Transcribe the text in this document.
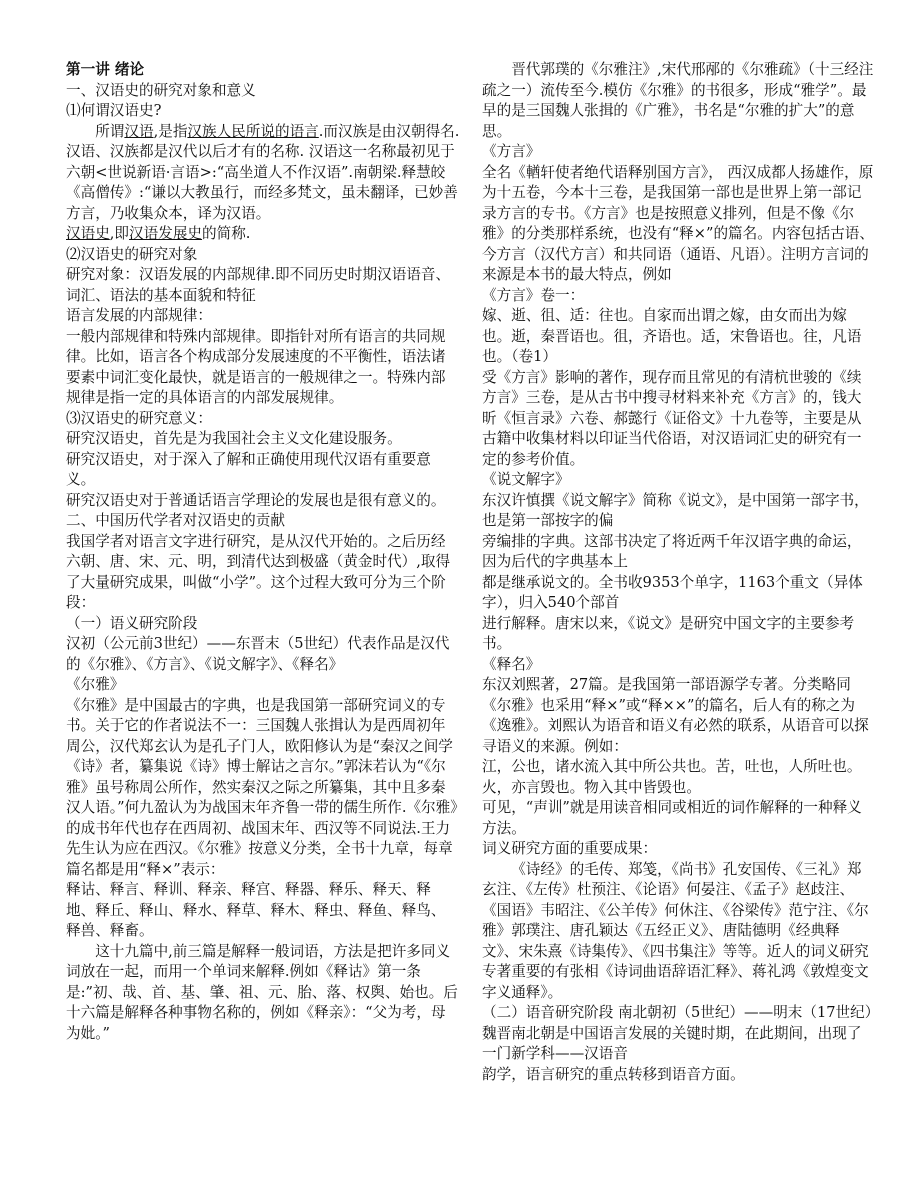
第一讲 绪论

一、汉语史的研究对象和意义

⑴何谓汉语史?

所谓汉语,是指汉族人民所说的语言.而汉族是由汉朝得名.汉语、汉族都是汉代以后才有的名称. 汉语这一名称最初见于六朝<世说新语·言语>:“高坐道人不作汉语”.南朝梁.释慧皎《高僧传》:“谦以大教虽行，而经多梵文，虽未翻译，已妙善方言，乃收集众本，译为汉语。

汉语史,即汉语发展史的简称.

⑵汉语史的研究对象

研究对象：汉语发展的内部规律.即不同历史时期汉语语音、词汇、语法的基本面貌和特征

语言发展的内部规律：

一般内部规律和特殊内部规律。即指针对所有语言的共同规律。比如，语言各个构成部分发展速度的不平衡性，语法诸要素中词汇变化最快，就是语言的一般规律之一。特殊内部规律是指一定的具体语言的内部发展规律。

⑶汉语史的研究意义：

研究汉语史，首先是为我国社会主义文化建设服务。

研究汉语史，对于深入了解和正确使用现代汉语有重要意义。

研究汉语史对于普通话语言学理论的发展也是很有意义的。

二、中国历代学者对汉语史的贡献

我国学者对语言文字进行研究，是从汉代开始的。之后历经六朝、唐、宋、元、明，到清代达到极盛（黄金时代）,取得了大量研究成果，叫做“小学”。这个过程大致可分为三个阶段：

（一）语义研究阶段

汉初（公元前3世纪）——东晋末（5世纪）代表作品是汉代的《尔雅》、《方言》、《说文解字》、《释名》

《尔雅》

《尔雅》是中国最古的字典，也是我国第一部研究词义的专书。关于它的作者说法不一：三国魏人张揖认为是西周初年周公，汉代郑玄认为是孔子门人，欧阳修认为是“秦汉之间学《诗》者，纂集说《诗》博士解诂之言尔。”郭沫若认为“《尔雅》虽号称周公所作，然实秦汉之际之所纂集，其中且多秦汉人语。”何九盈认为为战国末年齐鲁一带的儒生所作.《尔雅》的成书年代也存在西周初、战国末年、西汉等不同说法.王力先生认为应在西汉。《尔雅》按意义分类，全书十九章，每章篇名都是用“释×”表示：

释诂、释言、释训、释亲、释宫、释器、释乐、释天、释地、释丘、释山、释水、释草、释木、释虫、释鱼、释鸟、释兽、释畜。

这十九篇中,前三篇是解释一般词语，方法是把许多同义词放在一起，而用一个单词来解释.例如《释诂》第一条是:”初、哉、首、基、肇、祖、元、胎、落、权舆、始也。后十六篇是解释各种事物名称的，例如《释亲》：“父为考，母为妣。”

晋代郭璞的《尔雅注》,宋代邢邴的《尔雅疏》（十三经注疏之一）流传至今.模仿《尔雅》的书很多，形成“雅学”。最早的是三国魏人张揖的《广雅》，书名是“尔雅的扩大”的意思。

《方言》

全名《輶轩使者绝代语释别国方言》， 西汉成都人扬雄作，原为十五卷，今本十三卷，是我国第一部也是世界上第一部记录方言的专书。《方言》也是按照意义排列，但是不像《尔雅》的分类那样系统，也没有“释×”的篇名。内容包括古语、今方言（汉代方言）和共同语（通语、凡语）。注明方言词的来源是本书的最大特点，例如

《方言》卷一：

嫁、逝、徂、适：往也。自家而出谓之嫁，由女而出为嫁也。逝，秦晋语也。徂，齐语也。适，宋鲁语也。往，凡语也。（卷1）

受《方言》影响的著作，现存而且常见的有清杭世骏的《续方言》三卷，是从古书中搜寻材料来补充《方言》的，钱大昕《恒言录》六卷、郝懿行《证俗文》十九卷等，主要是从古籍中收集材料以印证当代俗语，对汉语词汇史的研究有一定的参考价值。

《说文解字》

东汉许慎撰《说文解字》简称《说文》，是中国第一部字书，也是第一部按字的偏

旁编排的字典。这部书决定了将近两千年汉语字典的命运，因为后代的字典基本上

都是继承说文的。全书收9353个单字，1163个重文（异体字），归入540个部首

进行解释。唐宋以来，《说文》是研究中国文字的主要参考书。

《释名》

东汉刘熙著，27篇。是我国第一部语源学专著。分类略同《尔雅》也采用“释×”或“释××”的篇名，后人有的称之为《逸雅》。刘熙认为语音和语义有必然的联系，从语音可以探寻语义的来源。例如：

江，公也，诸水流入其中所公共也。苦，吐也，人所吐也。火，亦言毁也。物入其中皆毁也。

可见，“声训”就是用读音相同或相近的词作解释的一种释义方法。

词义研究方面的重要成果：

《诗经》的毛传、郑笺，《尚书》孔安国传、《三礼》郑玄注、《左传》杜预注、《论语》何晏注、《孟子》赵歧注、《国语》韦昭注、《公羊传》何休注、《谷梁传》范宁注、《尔雅》郭璞注、唐孔颖达《五经正义》、唐陆德明《经典释文》、宋朱熹《诗集传》、《四书集注》等等。近人的词义研究专著重要的有张相《诗词曲语辞语汇释》、蒋礼鸿《敦煌变文字义通释》。

（二）语音研究阶段 南北朝初（5世纪）——明末（17世纪）

魏晋南北朝是中国语言发展的关键时期，在此期间，出现了一门新学科——汉语音

韵学，语言研究的重点转移到语音方面。
